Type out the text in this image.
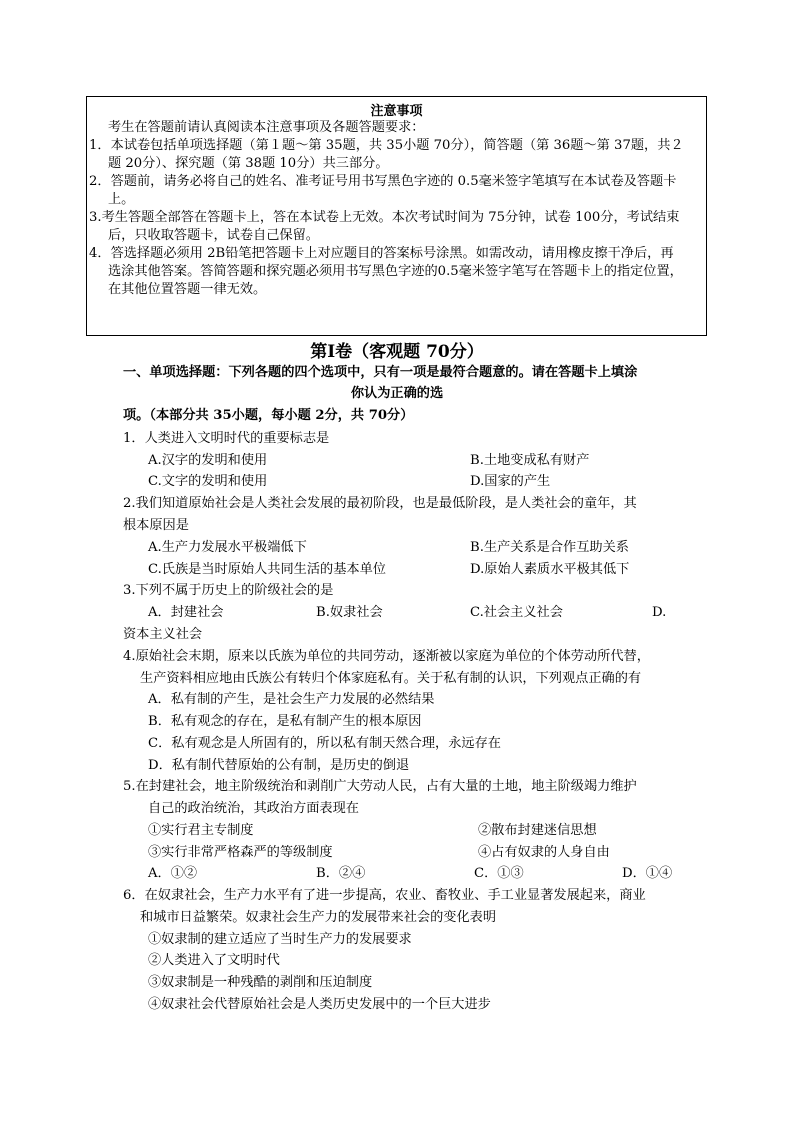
注意事项
考生在答题前请认真阅读本注意事项及各题答题要求：
1．本试卷包括单项选择题（第１题～第 35题，共 35小题 70分），简答题（第 36题～第 37题，共２
题 20分）、探究题（第 38题 10分）共三部分。
2．答题前，请务必将自己的姓名、准考证号用书写黑色字迹的 0.5毫米签字笔填写在本试卷及答题卡
上。
3.考生答题全部答在答题卡上，答在本试卷上无效。本次考试时间为 75分钟，试卷 100分，考试结束
后，只收取答题卡，试卷自己保留。
4．答选择题必须用 2B铅笔把答题卡上对应题目的答案标号涂黑。如需改动，请用橡皮擦干净后，再
选涂其他答案。答简答题和探究题必须用书写黑色字迹的0.5毫米签字笔写在答题卡上的指定位置，
在其他位置答题一律无效。
第Ⅰ卷（客观题 70分）
一、单项选择题：下列各题的四个选项中，只有一项是最符合题意的。请在答题卡上填涂
你认为正确的选
项。（本部分共 35小题，每小题 2分，共 70分）
1．人类进入文明时代的重要标志是
A.汉字的发明和使用	B.土地变成私有财产
C.文字的发明和使用	D.国家的产生
2.我们知道原始社会是人类社会发展的最初阶段，也是最低阶段，是人类社会的童年，其
根本原因是
A.生产力发展水平极端低下	B.生产关系是合作互助关系
C.氏族是当时原始人共同生活的基本单位	D.原始人素质水平极其低下
3.下列不属于历史上的阶级社会的是
A．封建社会	B.奴隶社会	C.社会主义社会	D.
资本主义社会
4.原始社会末期，原来以氏族为单位的共同劳动，逐渐被以家庭为单位的个体劳动所代替，
生产资料相应地由氏族公有转归个体家庭私有。关于私有制的认识，下列观点正确的有
A．私有制的产生，是社会生产力发展的必然结果
B．私有观念的存在，是私有制产生的根本原因
C．私有观念是人所固有的，所以私有制天然合理，永远存在
D．私有制代替原始的公有制，是历史的倒退
5.在封建社会，地主阶级统治和剥削广大劳动人民，占有大量的土地，地主阶级竭力维护
自己的政治统治，其政治方面表现在
①实行君主专制度	②散布封建迷信思想
③实行非常严格森严的等级制度	④占有奴隶的人身自由
A．①②	B．②④	C．①③	D．①④
6．在奴隶社会，生产力水平有了进一步提高，农业、畜牧业、手工业显著发展起来，商业
和城市日益繁荣。奴隶社会生产力的发展带来社会的变化表明
①奴隶制的建立适应了当时生产力的发展要求
②人类进入了文明时代
③奴隶制是一种残酷的剥削和压迫制度
④奴隶社会代替原始社会是人类历史发展中的一个巨大进步
